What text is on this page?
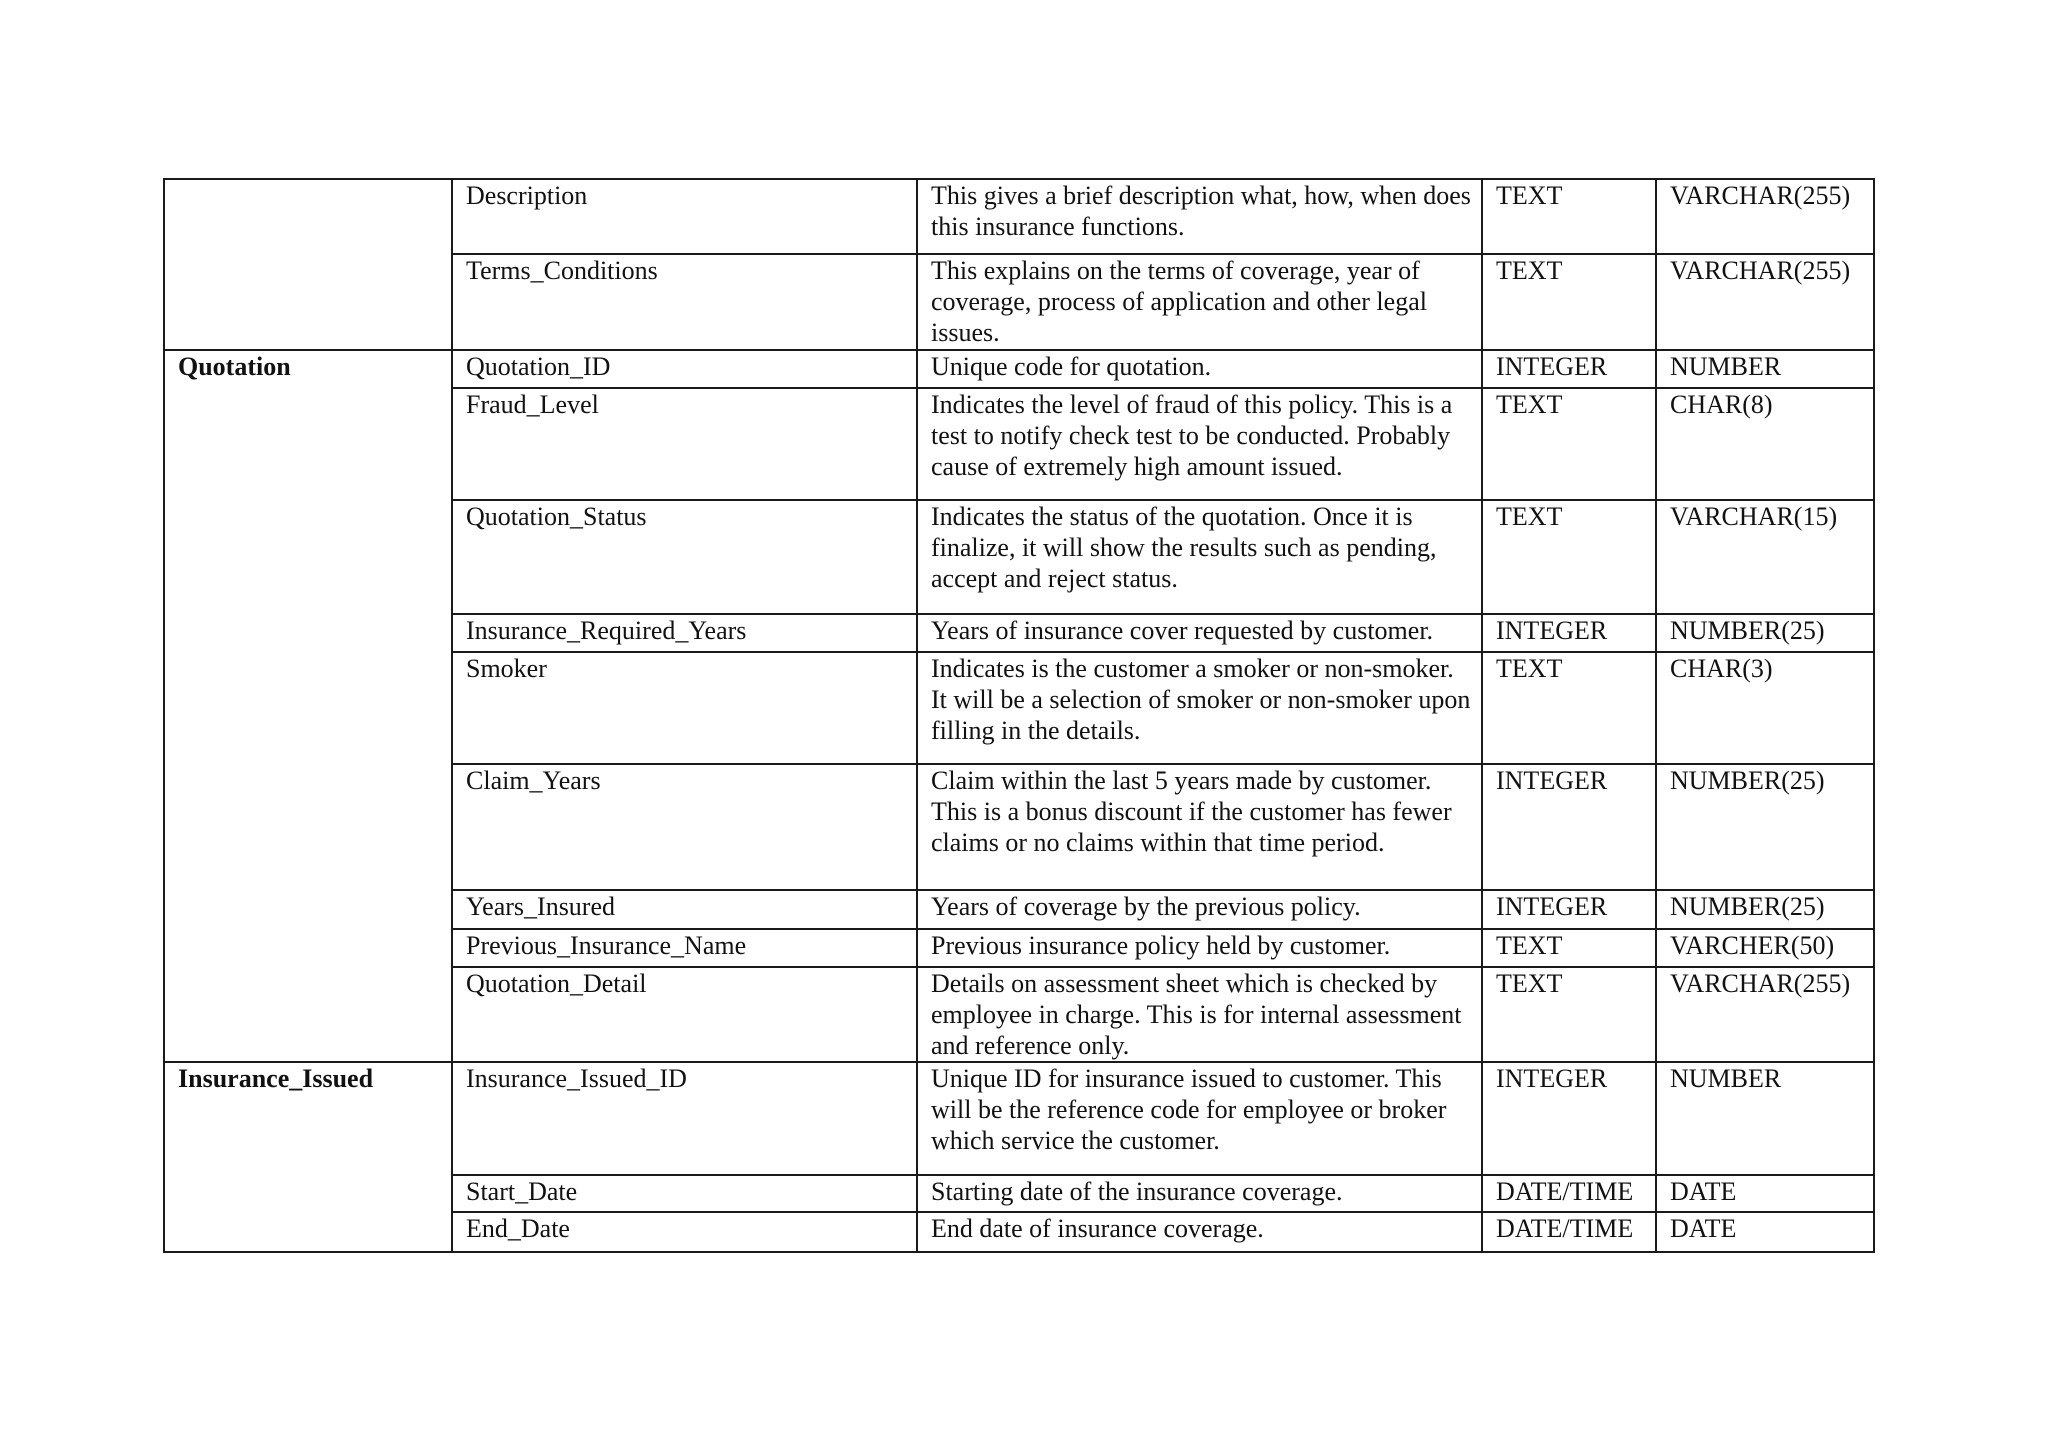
	Description	This gives a brief description what, how, when does this insurance functions.	TEXT	VARCHAR(255)
	Terms_Conditions	This explains on the terms of coverage, year of coverage, process of application and other legal issues.	TEXT	VARCHAR(255)
Quotation	Quotation_ID	Unique code for quotation.	INTEGER	NUMBER
	Fraud_Level	Indicates the level of fraud of this policy. This is a test to notify check test to be conducted. Probably cause of extremely high amount issued.	TEXT	CHAR(8)
	Quotation_Status	Indicates the status of the quotation. Once it is finalize, it will show the results such as pending, accept and reject status.	TEXT	VARCHAR(15)
	Insurance_Required_Years	Years of insurance cover requested by customer.	INTEGER	NUMBER(25)
	Smoker	Indicates is the customer a smoker or non-smoker. It will be a selection of smoker or non-smoker upon filling in the details.	TEXT	CHAR(3)
	Claim_Years	Claim within the last 5 years made by customer. This is a bonus discount if the customer has fewer claims or no claims within that time period.	INTEGER	NUMBER(25)
	Years_Insured	Years of coverage by the previous policy.	INTEGER	NUMBER(25)
	Previous_Insurance_Name	Previous insurance policy held by customer.	TEXT	VARCHER(50)
	Quotation_Detail	Details on assessment sheet which is checked by employee in charge. This is for internal assessment and reference only.	TEXT	VARCHAR(255)
Insurance_Issued	Insurance_Issued_ID	Unique ID for insurance issued to customer. This will be the reference code for employee or broker which service the customer.	INTEGER	NUMBER
	Start_Date	Starting date of the insurance coverage.	DATE/TIME	DATE
	End_Date	End date of insurance coverage.	DATE/TIME	DATE
